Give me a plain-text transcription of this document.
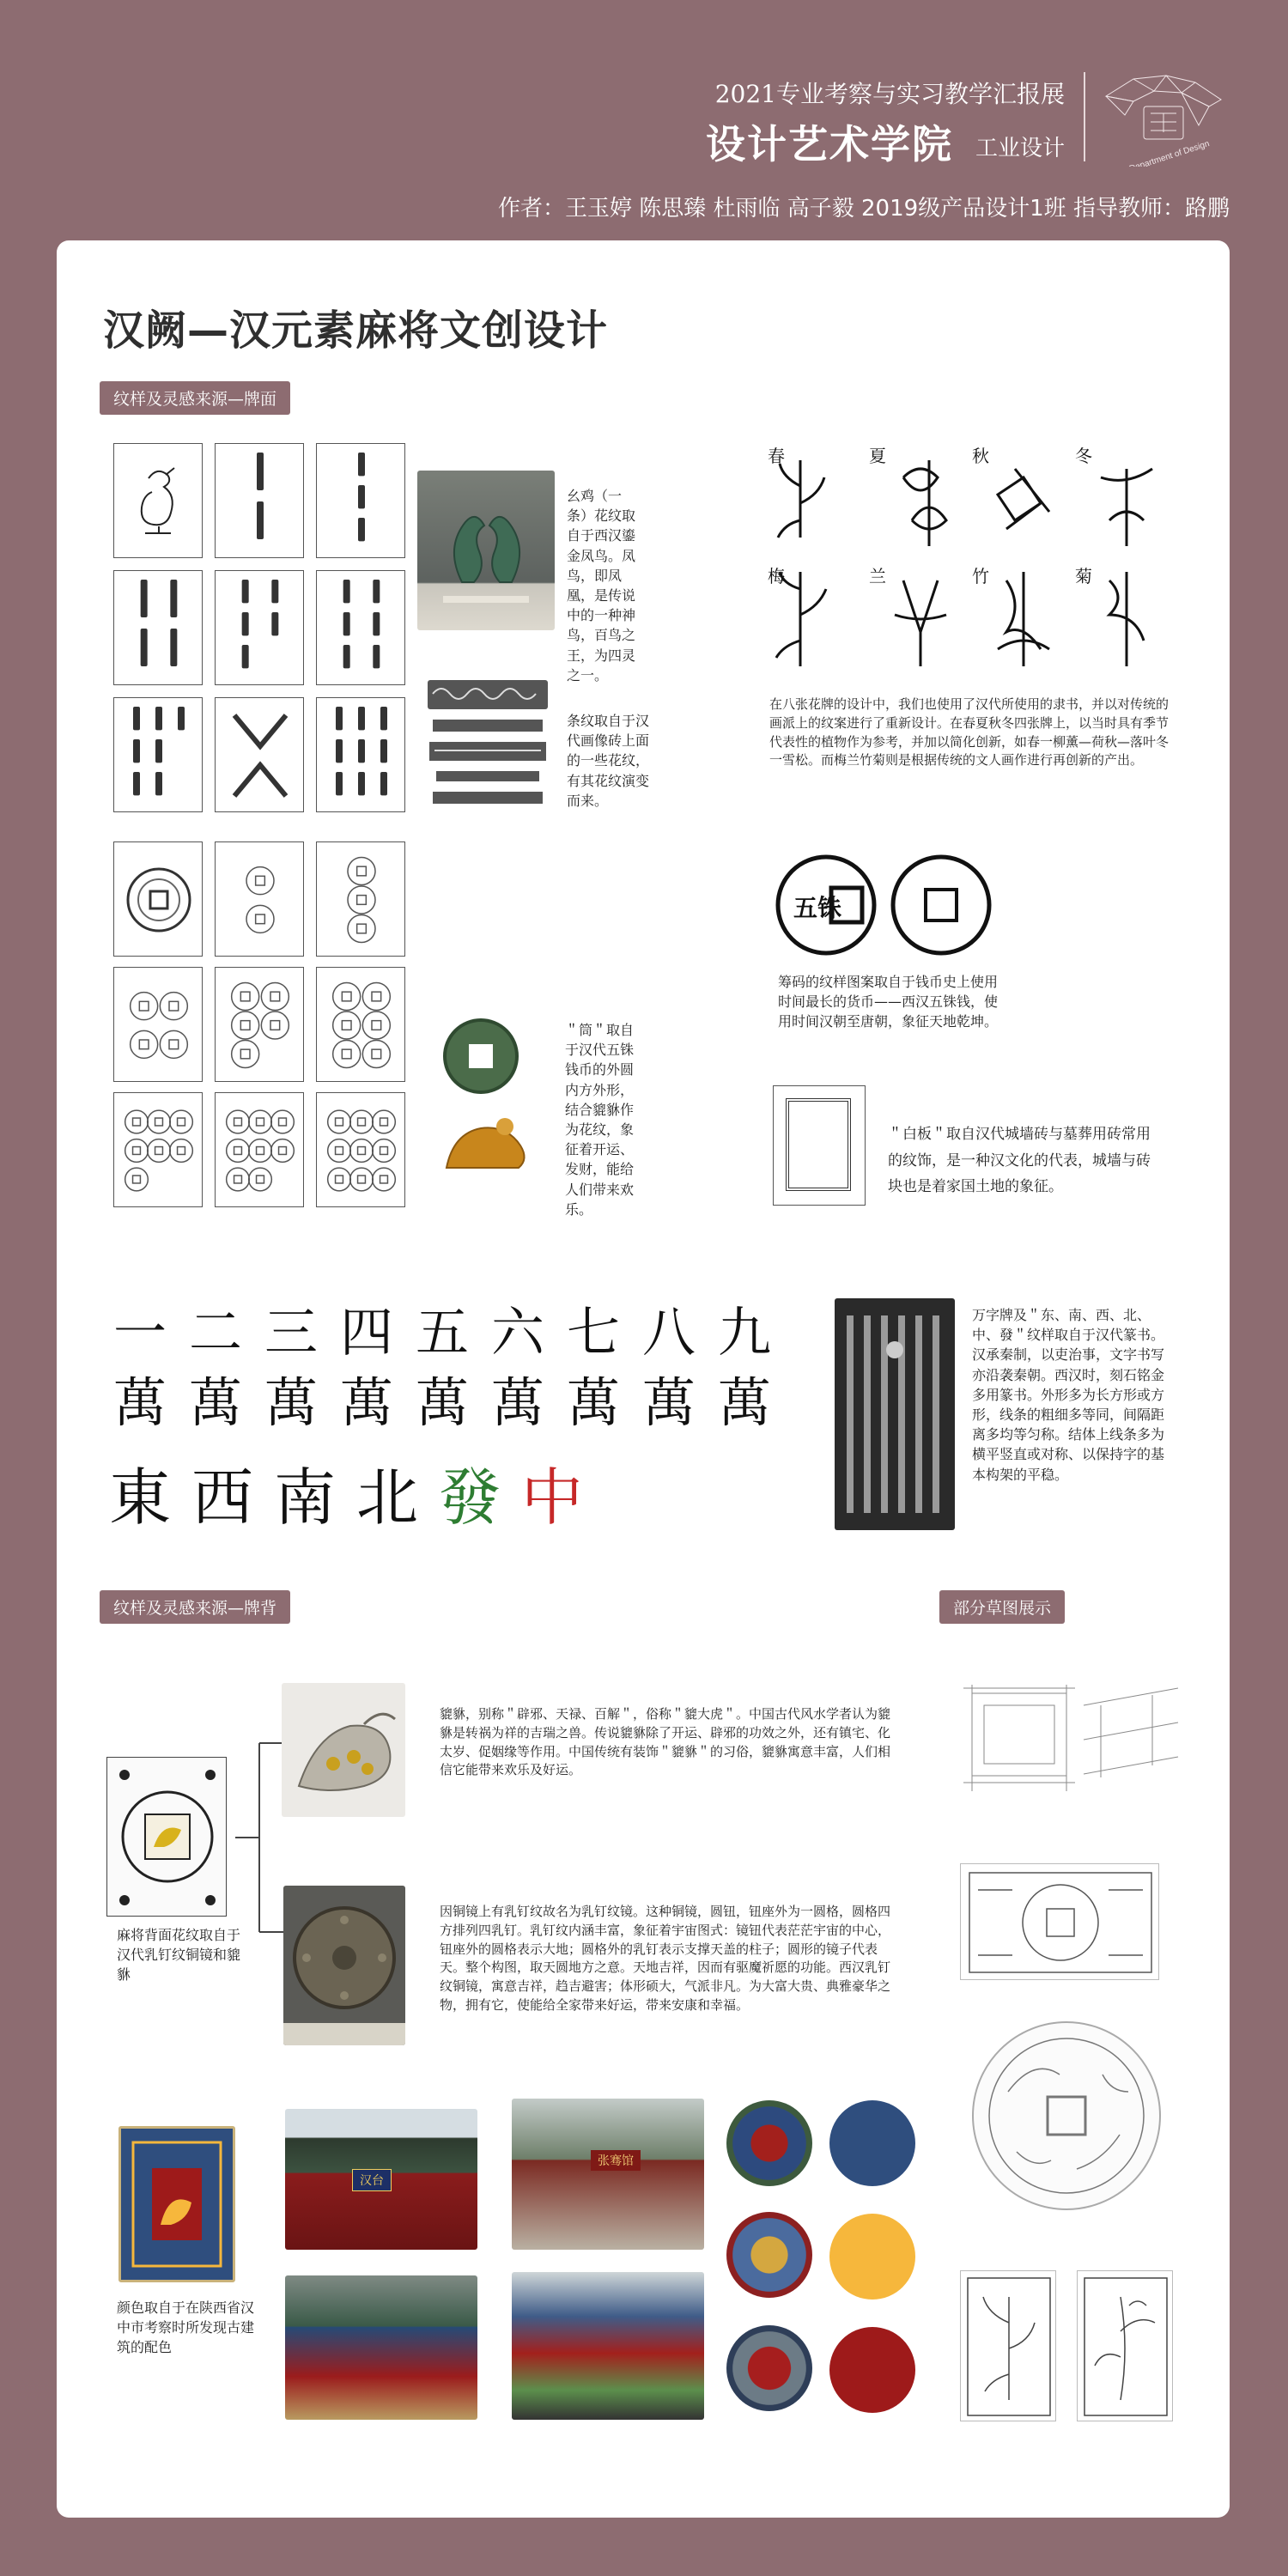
2021专业考察与实习教学汇报展
设计艺术学院 工业设计	The Department of Design
作者：王玉婷 陈思臻 杜雨临 高子毅 2019级产品设计1班 指导教师：路鹏
汉阙—汉元素麻将文创设计
纹样及灵感来源—牌面
幺鸡（一条）花纹取自于西汉鎏金凤鸟。凤鸟，即凤凰，是传说中的一种神鸟，百鸟之王，为四灵之一。
条纹取自于汉代画像砖上面的一些花纹，有其花纹演变而来。
＂筒＂取自于汉代五铢钱币的外圆内方外形，结合貔貅作为花纹，象征着开运、发财，能给人们带来欢乐。
春	夏	秋	冬
梅	兰	竹	菊
在八张花牌的设计中，我们也使用了汉代所使用的隶书，并以对传统的画派上的纹案进行了重新设计。在春夏秋冬四张牌上，以当时具有季节代表性的植物作为参考，并加以简化创新，如春一柳薰—荷秋—落叶冬一雪松。而梅兰竹菊则是根据传统的文人画作进行再创新的产出。
五铢
筹码的纹样图案取自于钱币史上使用时间最长的货币——西汉五铢钱，使用时间汉朝至唐朝，象征天地乾坤。
＂白板＂取自汉代城墙砖与墓葬用砖常用的纹饰，是一种汉文化的代表，城墙与砖块也是着家国土地的象征。
一 二 三 四 五 六 七 八 九
萬 萬 萬 萬 萬 萬 萬 萬 萬
東 西 南 北 發 中
万字牌及＂东、南、西、北、中、發＂纹样取自于汉代篆书。汉承秦制，以吏治事，文字书写亦沿袭秦朝。西汉时，刻石铭金多用篆书。外形多为长方形或方形，线条的粗细多等同，间隔距离多均等匀称。结体上线条多为横平竖直或对称、以保持字的基本构架的平稳。
纹样及灵感来源—牌背	部分草图展示
麻将背面花纹取自于汉代乳钉纹铜镜和貔貅
貔貅，别称＂辟邪、天禄、百解＂，俗称＂貔大虎＂。中国古代风水学者认为貔貅是转祸为祥的吉瑞之兽。传说貔貅除了开运、辟邪的功效之外，还有镇宅、化太岁、促姻缘等作用。中国传统有装饰＂貔貅＂的习俗，貔貅寓意丰富，人们相信它能带来欢乐及好运。
因铜镜上有乳钉纹故名为乳钉纹镜。这种铜镜，圆钮，钮座外为一圆格，圆格四方排列四乳钉。乳钉纹内涵丰富，象征着宇宙图式：镜钮代表茫茫宇宙的中心，钮座外的圆格表示大地；圆格外的乳钉表示支撑天盖的柱子；圆形的镜子代表天。整个构图，取天圆地方之意。天地吉祥，因而有驱魔祈愿的功能。西汉乳钉纹铜镜，寓意吉祥，趋吉避害；体形硕大，气派非凡。为大富大贵、典雅豪华之物，拥有它，使能给全家带来好运，带来安康和幸福。
颜色取自于在陕西省汉中市考察时所发现古建筑的配色
汉台
张骞馆
